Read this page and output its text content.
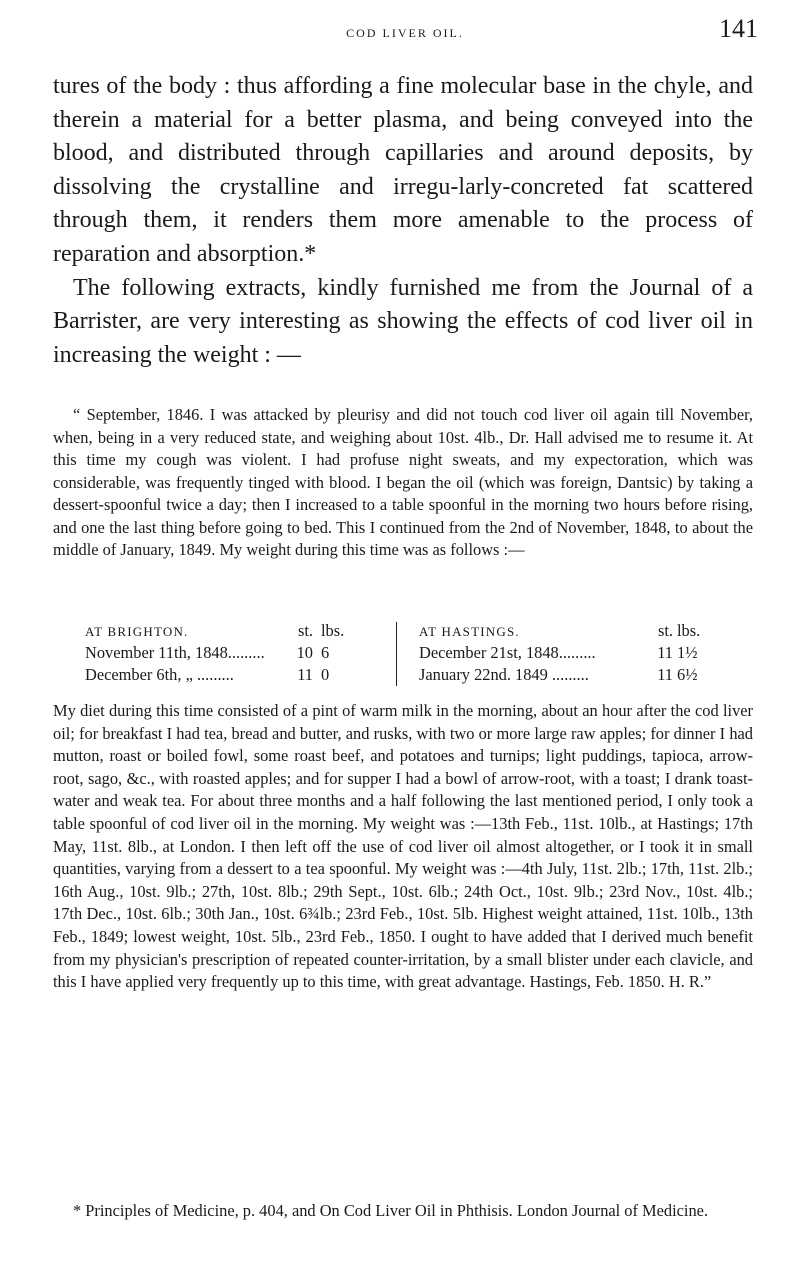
COD LIVER OIL.	141

tures of the body : thus affording a fine molecular base in the chyle, and therein a material for a better plasma, and being conveyed into the blood, and distributed through capillaries and around deposits, by dissolving the crystalline and irregu-larly-concreted fat scattered through them, it renders them more amenable to the process of reparation and absorption.*

The following extracts, kindly furnished me from the Journal of a Barrister, are very interesting as showing the effects of cod liver oil in increasing the weight : —

“ September, 1846. I was attacked by pleurisy and did not touch cod liver oil again till November, when, being in a very reduced state, and weighing about 10st. 4lb., Dr. Hall advised me to resume it. At this time my cough was violent. I had profuse night sweats, and my expectoration, which was considerable, was frequently tinged with blood. I began the oil (which was foreign, Dantsic) by taking a dessert-spoonful twice a day; then I increased to a table spoonful in the morning two hours before rising, and one the last thing before going to bed. This I continued from the 2nd of November, 1848, to about the middle of January, 1849. My weight during this time was as follows :—

AT BRIGHTON.	st. lbs.
November 11th, 1848.........	10 6
December 6th, „ .........	11 0
AT HASTINGS.	st. lbs.
December 21st, 1848.........	11 1½
January 22nd. 1849 .........	11 6½

My diet during this time consisted of a pint of warm milk in the morning, about an hour after the cod liver oil; for breakfast I had tea, bread and butter, and rusks, with two or more large raw apples; for dinner I had mutton, roast or boiled fowl, some roast beef, and potatoes and turnips; light puddings, tapioca, arrow-root, sago, &c., with roasted apples; and for supper I had a bowl of arrow-root, with a toast; I drank toast-water and weak tea. For about three months and a half following the last mentioned period, I only took a table spoonful of cod liver oil in the morning. My weight was :—13th Feb., 11st. 10lb., at Hastings; 17th May, 11st. 8lb., at London. I then left off the use of cod liver oil almost altogether, or I took it in small quantities, varying from a dessert to a tea spoonful. My weight was :—4th July, 11st. 2lb.; 17th, 11st. 2lb.; 16th Aug., 10st. 9lb.; 27th, 10st. 8lb.; 29th Sept., 10st. 6lb.; 24th Oct., 10st. 9lb.; 23rd Nov., 10st. 4lb.; 17th Dec., 10st. 6lb.; 30th Jan., 10st. 6¾lb.; 23rd Feb., 10st. 5lb. Highest weight attained, 11st. 10lb., 13th Feb., 1849; lowest weight, 10st. 5lb., 23rd Feb., 1850. I ought to have added that I derived much benefit from my physician's prescription of repeated counter-irritation, by a small blister under each clavicle, and this I have applied very frequently up to this time, with great advantage. Hastings, Feb. 1850. H. R.”

* Principles of Medicine, p. 404, and On Cod Liver Oil in Phthisis. London Journal of Medicine.
